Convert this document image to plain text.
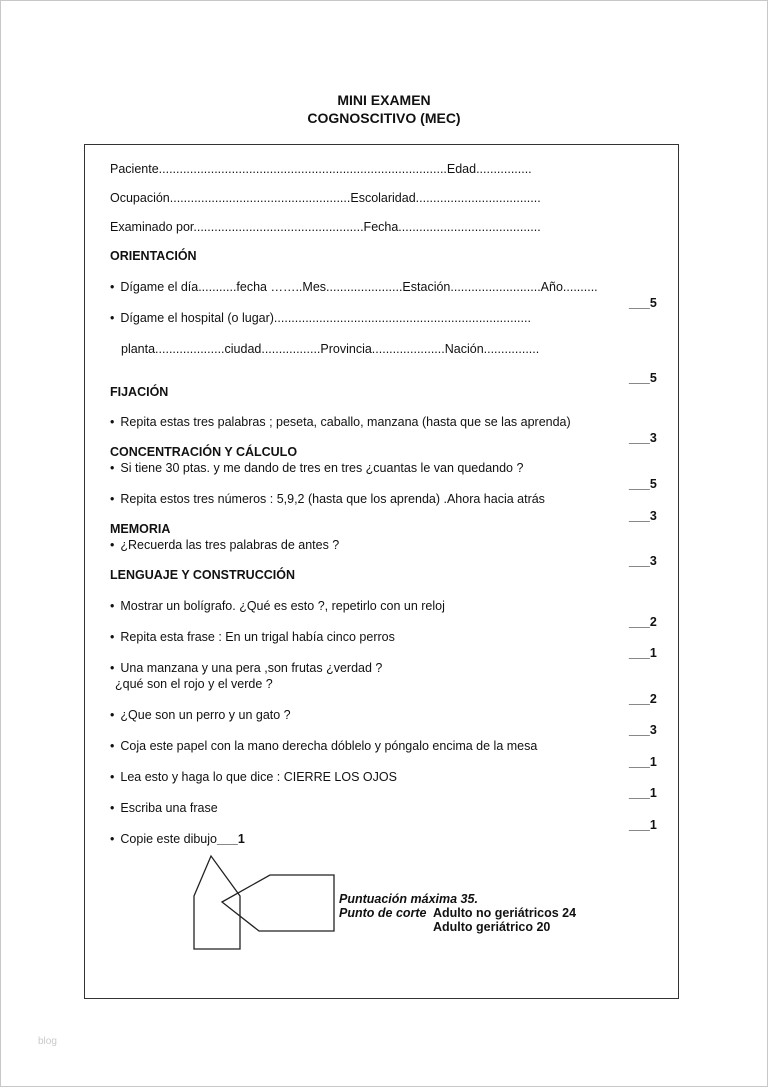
MINI EXAMEN
COGNOSCITIVO (MEC)
Paciente...................................................................................Edad................
Ocupación....................................................Escolaridad....................................
Examinado por.................................................Fecha.........................................
ORIENTACIÓN
• Dígame el día...........fecha ……..Mes......................Estación..........................Año..........
___5
• Dígame el hospital (o lugar)..........................................................................
planta....................ciudad.................Provincia.....................Nación................
___5
FIJACIÓN
• Repita estas tres palabras ; peseta, caballo, manzana (hasta que se las aprenda)
___3
CONCENTRACIÓN Y CÁLCULO
• Si tiene 30 ptas. y me dando de tres en tres ¿cuantas le van quedando ?
___5
• Repita estos tres números : 5,9,2 (hasta que los aprenda) .Ahora hacia atrás
___3
MEMORIA
• ¿Recuerda las tres palabras de antes ?
___3
LENGUAJE Y CONSTRUCCIÓN
• Mostrar un bolígrafo. ¿Qué es esto ?, repetirlo con un reloj
___2
• Repita esta frase : En un trigal había cinco perros
___1
• Una manzana y una pera ,son frutas ¿verdad ?
¿qué son el rojo y el verde ?
___2
• ¿Que son un perro y un gato ?
___3
• Coja este papel con la mano derecha dóblelo y póngalo encima de la mesa
___1
• Lea esto y haga lo que dice : CIERRE LOS OJOS
___1
• Escriba una frase
___1
• Copie este dibujo___1
Puntuación máxima 35.
Punto de corte Adulto no geriátricos 24
Adulto geriátrico 20
blog
